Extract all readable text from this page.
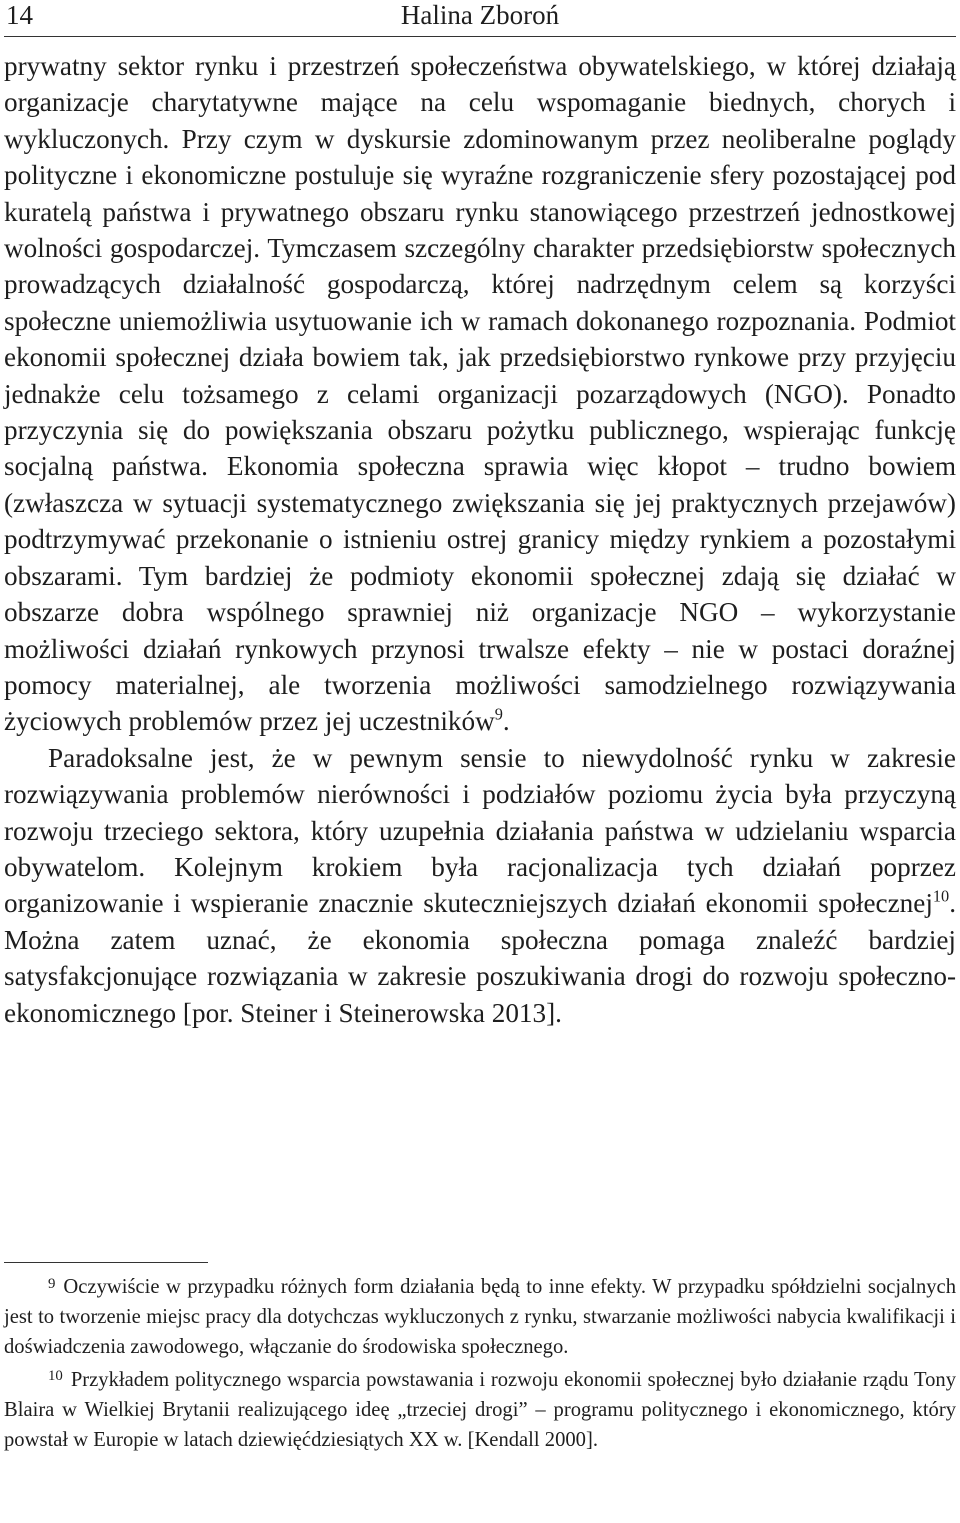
14	Halina Zboroń

prywatny sektor rynku i przestrzeń społeczeństwa obywatelskiego, w której działają organizacje charytatywne mające na celu wspomaganie biednych, chorych i wykluczonych. Przy czym w dyskursie zdominowanym przez neoliberalne poglądy polityczne i ekonomiczne postuluje się wyraźne rozgraniczenie sfery pozostającej pod kuratelą państwa i prywatnego obszaru rynku stanowiącego przestrzeń jednostkowej wolności gospodarczej. Tymczasem szczególny charakter przedsiębiorstw społecznych prowadzących działalność gospodarczą, której nadrzędnym celem są korzyści społeczne uniemożliwia usytuowanie ich w ramach dokonanego rozpoznania. Podmiot ekonomii społecznej działa bowiem tak, jak przedsiębiorstwo rynkowe przy przyjęciu jednakże celu tożsamego z celami organizacji pozarządowych (NGO). Ponadto przyczynia się do powiększania obszaru pożytku publicznego, wspierając funkcję socjalną państwa. Ekonomia społeczna sprawia więc kłopot – trudno bowiem (zwłaszcza w sytuacji systematycznego zwiększania się jej praktycznych przejawów) podtrzymywać przekonanie o istnieniu ostrej granicy między rynkiem a pozostałymi obszarami. Tym bardziej że podmioty ekonomii społecznej zdają się działać w obszarze dobra wspólnego sprawniej niż organizacje NGO – wykorzystanie możliwości działań rynkowych przynosi trwalsze efekty – nie w postaci doraźnej pomocy materialnej, ale tworzenia możliwości samodzielnego rozwiązywania życiowych problemów przez jej uczestników$^9$.

Paradoksalne jest, że w pewnym sensie to niewydolność rynku w zakresie rozwiązywania problemów nierówności i podziałów poziomu życia była przyczyną rozwoju trzeciego sektora, który uzupełnia działania państwa w udzielaniu wsparcia obywatelom. Kolejnym krokiem była racjonalizacja tych działań poprzez organizowanie i wspieranie znacznie skuteczniejszych działań ekonomii społecznej$^{10}$. Można zatem uznać, że ekonomia społeczna pomaga znaleźć bardziej satysfakcjonujące rozwiązania w zakresie poszukiwania drogi do rozwoju społeczno-ekonomicznego [por. Steiner i Steinerowska 2013].

$^9$ Oczywiście w przypadku różnych form działania będą to inne efekty. W przypadku spółdzielni socjalnych jest to tworzenie miejsc pracy dla dotychczas wykluczonych z rynku, stwarzanie możliwości nabycia kwalifikacji i doświadczenia zawodowego, włączanie do środowiska społecznego.

$^{10}$ Przykładem politycznego wsparcia powstawania i rozwoju ekonomii społecznej było działanie rządu Tony Blaira w Wielkiej Brytanii realizującego ideę „trzeciej drogi” – programu politycznego i ekonomicznego, który powstał w Europie w latach dziewięćdziesiątych XX w. [Kendall 2000].
